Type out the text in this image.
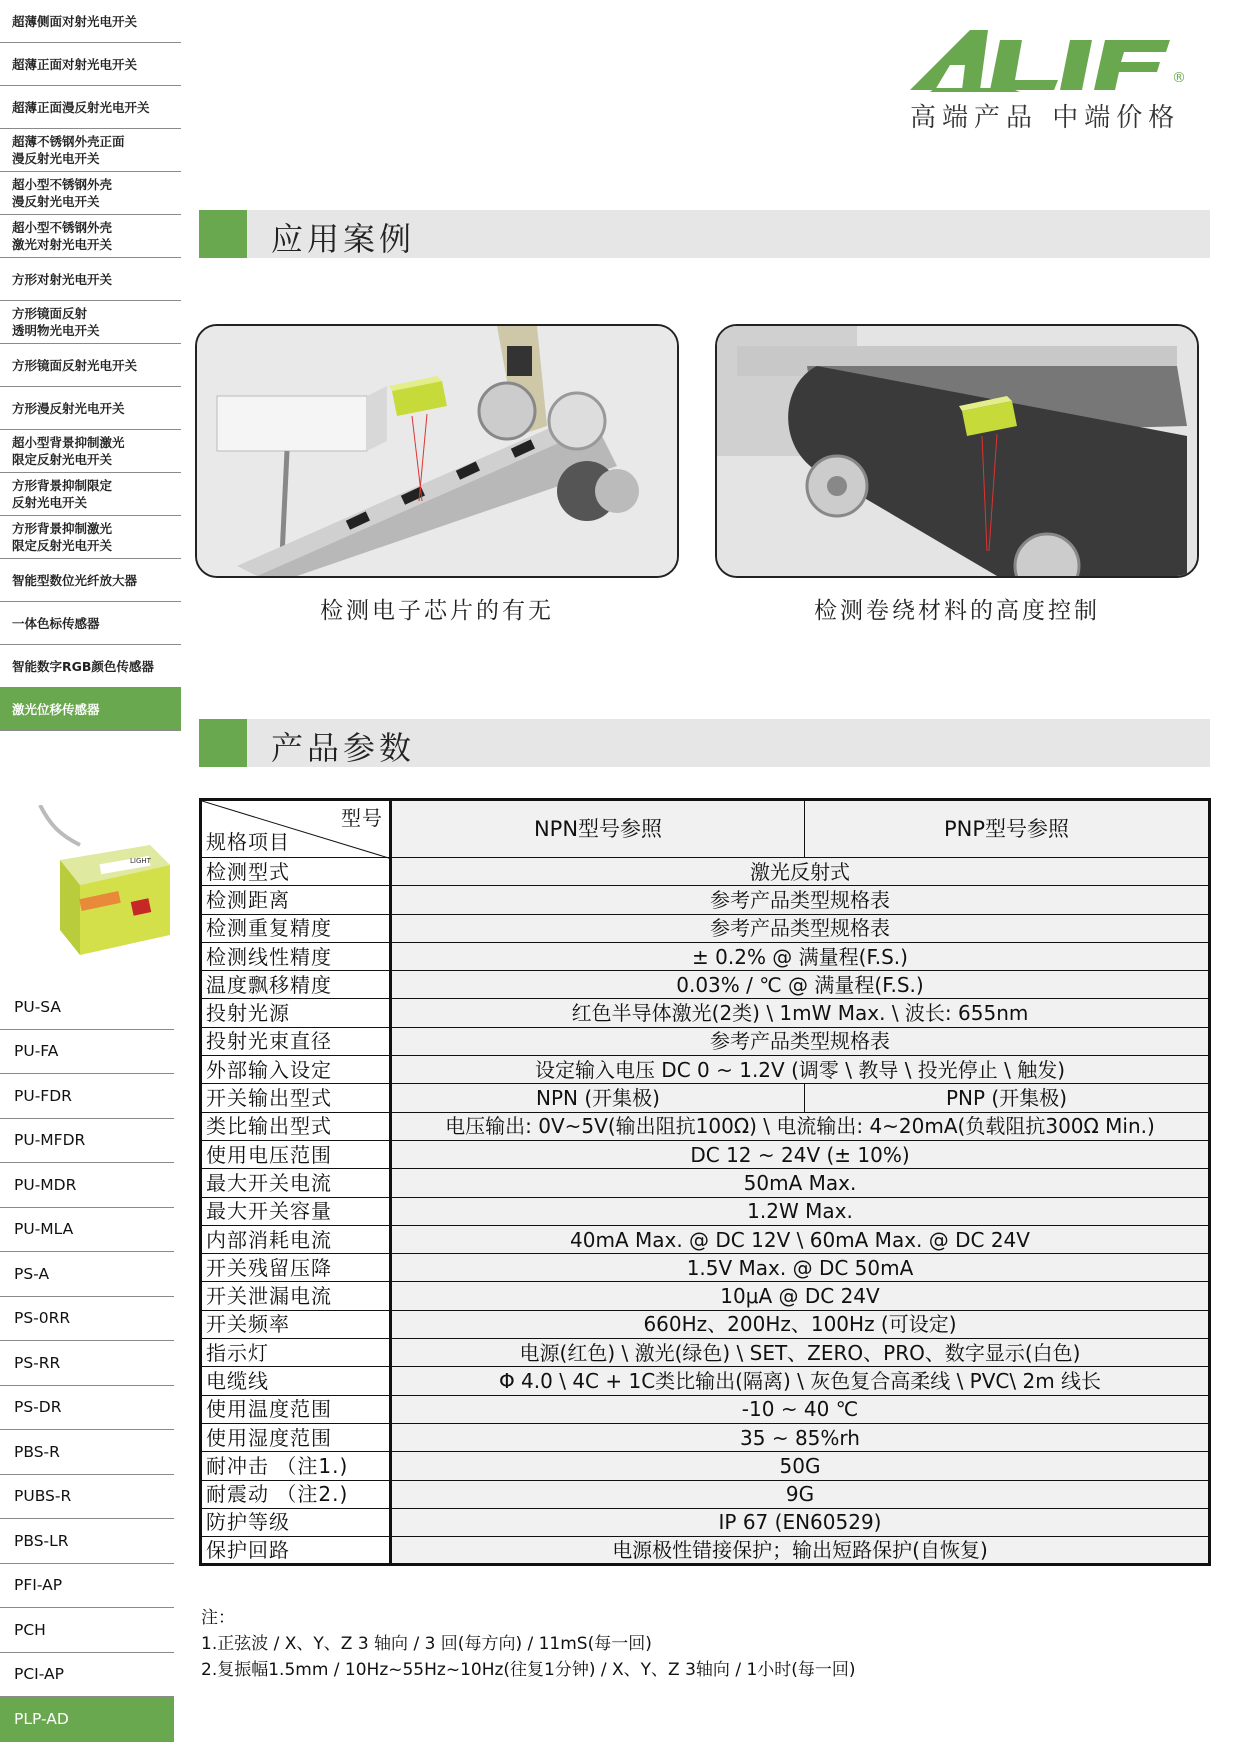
超薄侧面对射光电开关
超薄正面对射光电开关
超薄正面漫反射光电开关
超薄不锈钢外壳正面
漫反射光电开关
超小型不锈钢外壳
漫反射光电开关
超小型不锈钢外壳
激光对射光电开关
方形对射光电开关
方形镜面反射
透明物光电开关
方形镜面反射光电开关
方形漫反射光电开关
超小型背景抑制激光
限定反射光电开关
方形背景抑制限定
反射光电开关
方形背景抑制激光
限定反射光电开关
智能型数位光纤放大器
一体色标传感器
智能数字RGB颜色传感器
激光位移传感器
LIGHT
PU-SA
PU-FA
PU-FDR
PU-MFDR
PU-MDR
PU-MLA
PS-A
PS-0RR
PS-RR
PS-DR
PBS-R
PUBS-R
PBS-LR
PFI-AP
PCH
PCI-AP
PLP-AD
®
高端产品 中端价格
应用案例
检测电子芯片的有无	检测卷绕材料的高度控制
产品参数
型号
规格项目	NPN型号参照	PNP型号参照
检测型式	激光反射式	
检测距离	参考产品类型规格表	
检测重复精度	参考产品类型规格表	
检测线性精度	± 0.2% @ 满量程(F.S.)	
温度飘移精度	0.03% / ℃ @ 满量程(F.S.)	
投射光源	红色半导体激光(2类) \ 1mW Max. \ 波长: 655nm	
投射光束直径	参考产品类型规格表	
外部输入设定	设定输入电压 DC 0 ~ 1.2V (调零 \ 教导 \ 投光停止 \ 触发)	
开关输出型式	NPN (开集极)	PNP (开集极)
类比输出型式	电压输出: 0V~5V(输出阻抗100Ω) \ 电流输出: 4~20mA(负载阻抗300Ω Min.)	
使用电压范围	DC 12 ~ 24V (± 10%)	
最大开关电流	50mA Max.	
最大开关容量	1.2W Max.	
内部消耗电流	40mA Max. @ DC 12V \ 60mA Max. @ DC 24V	
开关残留压降	1.5V Max. @ DC 50mA	
开关泄漏电流	10μA @ DC 24V	
开关频率	660Hz、200Hz、100Hz (可设定)	
指示灯	电源(红色) \ 激光(绿色) \ SET、ZERO、PRO、数字显示(白色)	
电缆线	Φ 4.0 \ 4C + 1C类比输出(隔离) \ 灰色复合高柔线 \ PVC\ 2m 线长	
使用温度范围	-10 ~ 40 ℃	
使用湿度范围	35 ~ 85%rh	
耐冲击 （注1.)	50G	
耐震动 （注2.)	9G	
防护等级	IP 67 (EN60529)	
保护回路	电源极性错接保护；输出短路保护(自恢复)	
注：
1.正弦波 / X、Y、Z 3 轴向 / 3 回(每方向) / 11mS(每一回)
2.复振幅1.5mm / 10Hz~55Hz~10Hz(往复1分钟) / X、Y、Z 3轴向 / 1小时(每一回)
